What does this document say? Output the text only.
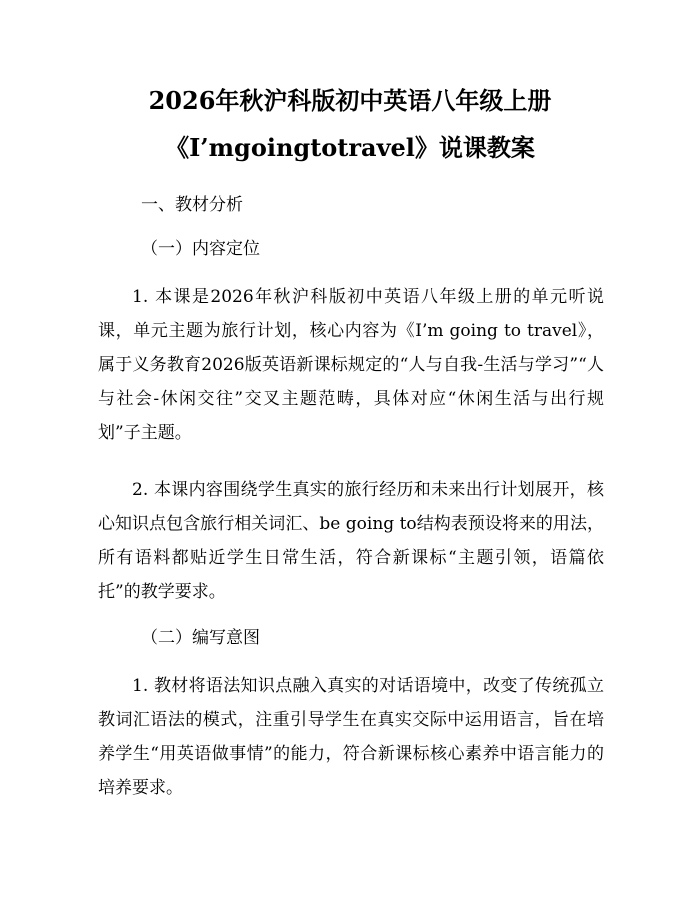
2026年秋沪科版初中英语八年级上册
《I’mgoingtotravel》说课教案
一、教材分析
（一）内容定位
1. 本课是2026年秋沪科版初中英语八年级上册的单元听说课，单元主题为旅行计划，核心内容为《I’m going to travel》，属于义务教育2026版英语新课标规定的“人与自我-生活与学习”“人与社会-休闲交往”交叉主题范畴，具体对应“休闲生活与出行规划”子主题。
2. 本课内容围绕学生真实的旅行经历和未来出行计划展开，核心知识点包含旅行相关词汇、be going to结构表预设将来的用法，所有语料都贴近学生日常生活，符合新课标“主题引领，语篇依托”的教学要求。
（二）编写意图
1. 教材将语法知识点融入真实的对话语境中，改变了传统孤立教词汇语法的模式，注重引导学生在真实交际中运用语言，旨在培养学生“用英语做事情”的能力，符合新课标核心素养中语言能力的培养要求。
